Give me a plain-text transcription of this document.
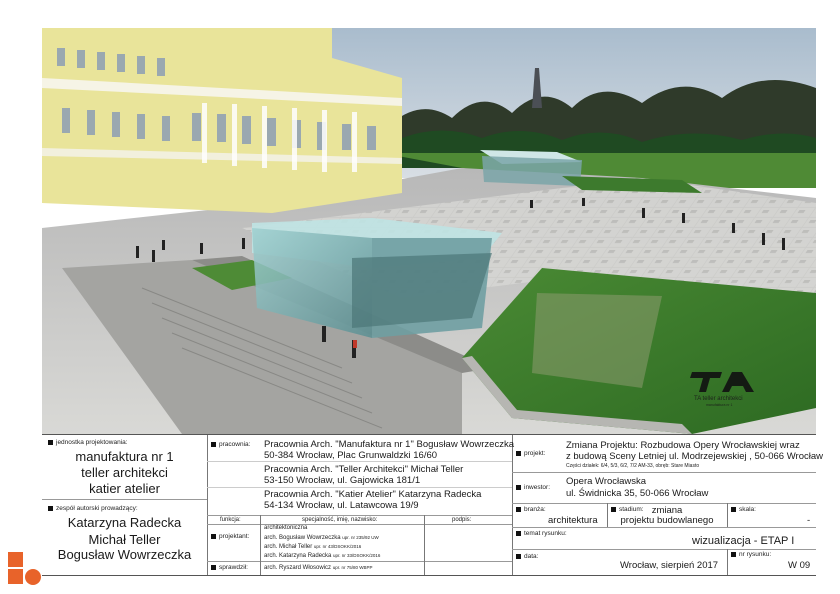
TA teller architekci
manufaktura nr 1
jednostka projektowania:
manufaktura nr 1
teller architekci
katier atelier
zespół autorski prowadzący:
Katarzyna Radecka
Michał Teller
Bogusław Wowrzeczka
pracownia: Pracownia Arch. "Manufaktura nr 1" Bogusław Wowrzeczka
50-384 Wrocław, Plac Grunwaldzki 16/60
Pracownia Arch. "Teller Architekci" Michał Teller
53-150 Wrocław, ul. Gajowicka 181/1
Pracownia Arch. "Katier Atelier" Katarzyna Radecka
54-134 Wrocław, ul. Latawcowa 19/9
funkcja:	specjalność, imię, nazwisko:	podpis:
projektant:
architektoniczna
arch. Bogusław Wowrzeczka upr. nr 235/92 UW
arch. Michał Teller upr. nr 43/DSOKK/2016
arch. Katarzyna Radecka upr. nr 33/DSOKK/2016
sprawdził:	arch. Ryszard Włosowicz upr. nr 75/80 WBPP
projekt:
Zmiana Projektu: Rozbudowa Opery Wrocławskiej wraz
z budową Sceny Letniej ul. Modrzejewskiej , 50-066 Wrocław
Części działek: 6/4, 5/3, 6/2, 7/2 AM-33, obręb: Stare Miasto
inwestor:
Opera Wrocławska
ul. Świdnicka 35, 50-066 Wrocław
branża:
architektura
stadium: zmiana
projektu budowlanego
skala:
-
temat rysunku:
wizualizacja - ETAP I
data:
Wrocław, sierpień 2017
nr rysunku:
W 09
